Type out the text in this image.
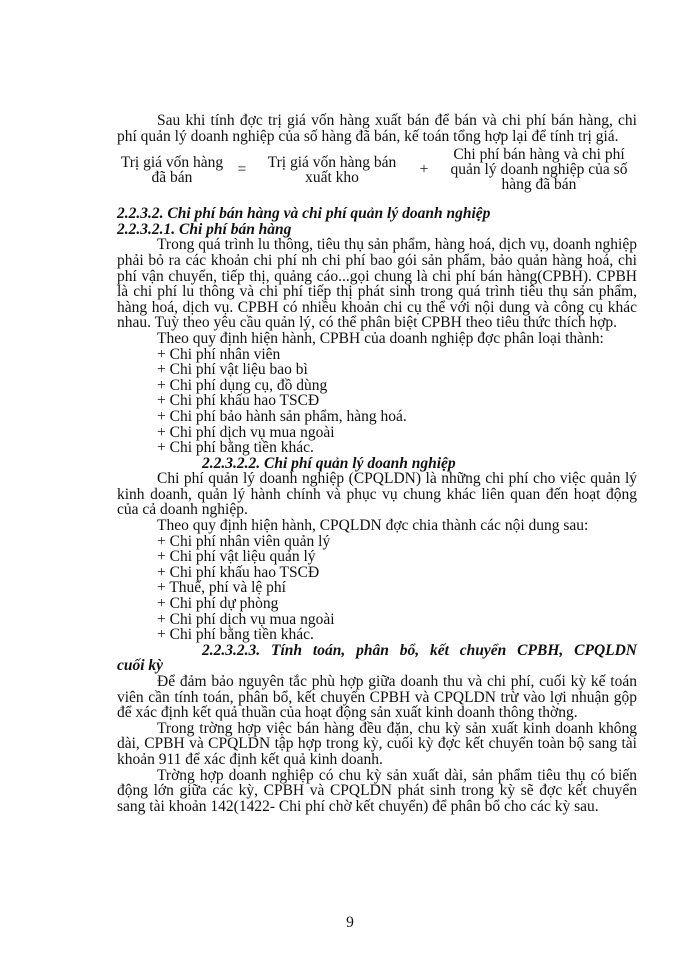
Sau khi tính đợc trị giá vốn hàng xuất bán để bán và chi phí bán hàng, chi phí quản lý doanh nghiệp của số hàng đã bán, kế toán tổng hợp lại để tính trị giá.

Trị giá vốn hàng đã bán	=	Trị giá vốn hàng bán xuất kho	+
Chi phí bán hàng và chi phí quản lý doanh nghiệp của số hàng đã bán

2.2.3.2. Chi phí bán hàng và chi phí quản lý doanh nghiệp

2.2.3.2.1. Chi phí bán hàng

Trong quá trình lu thông, tiêu thụ sản phẩm, hàng hoá, dịch vụ, doanh nghiệp phải bỏ ra các khoản chi phí nh chi phí bao gói sản phẩm, bảo quản hàng hoá, chi phí vận chuyển, tiếp thị, quảng cáo...gọi chung là chi phí bán hàng(CPBH). CPBH là chi phí lu thông và chi phí tiếp thị phát sinh trong quá trình tiêu thụ sản phẩm, hàng hoá, dịch vụ. CPBH có nhiều khoản chi cụ thể với nội dung và công cụ khác nhau. Tuỳ theo yêu cầu quản lý, có thể phân biệt CPBH theo tiêu thức thích hợp.

Theo quy định hiện hành, CPBH của doanh nghiệp đợc phân loại thành:

+ Chi phí nhân viên
+ Chi phí vật liệu bao bì
+ Chi phí dụng cụ, đồ dùng
+ Chi phí khấu hao TSCĐ
+ Chi phí bảo hành sản phẩm, hàng hoá.
+ Chi phí dịch vụ mua ngoài
+ Chi phí bằng tiền khác.

2.2.3.2.2. Chi phí quản lý doanh nghiệp

Chi phí quản lý doanh nghiệp (CPQLDN) là những chi phí cho việc quản lý kinh doanh, quản lý hành chính và phục vụ chung khác liên quan đến hoạt động của cả doanh nghiệp.

Theo quy định hiện hành, CPQLDN đợc chia thành các nội dung sau:

+ Chi phí nhân viên quản lý
+ Chi phí vật liệu quản lý
+ Chi phí khấu hao TSCĐ
+ Thuế, phí và lệ phí
+ Chi phí dự phòng
+ Chi phí dịch vụ mua ngoài
+ Chi phí bằng tiền khác.

2.2.3.2.3. Tính toán, phân bổ, kết chuyển CPBH, CPQLDN

cuối kỳ

Để đảm bảo nguyên tắc phù hợp giữa doanh thu và chi phí, cuối kỳ kế toán viên cần tính toán, phân bổ, kết chuyển CPBH và CPQLDN trừ vào lợi nhuận gộp để xác định kết quả thuần của hoạt động sản xuất kinh doanh thông thờng.

Trong trờng hợp việc bán hàng đều đặn, chu kỳ sản xuất kinh doanh không dài, CPBH và CPQLDN tập hợp trong kỳ, cuối kỳ đợc kết chuyển toàn bộ sang tài khoản 911 để xác định kết quả kinh doanh.

Trờng hợp doanh nghiệp có chu kỳ sản xuất dài, sản phẩm tiêu thụ có biến động lớn giữa các kỳ, CPBH và CPQLDN phát sinh trong kỳ sẽ đợc kết chuyển sang tài khoản 142(1422- Chi phí chờ kết chuyển) để phân bổ cho các kỳ sau.

9
